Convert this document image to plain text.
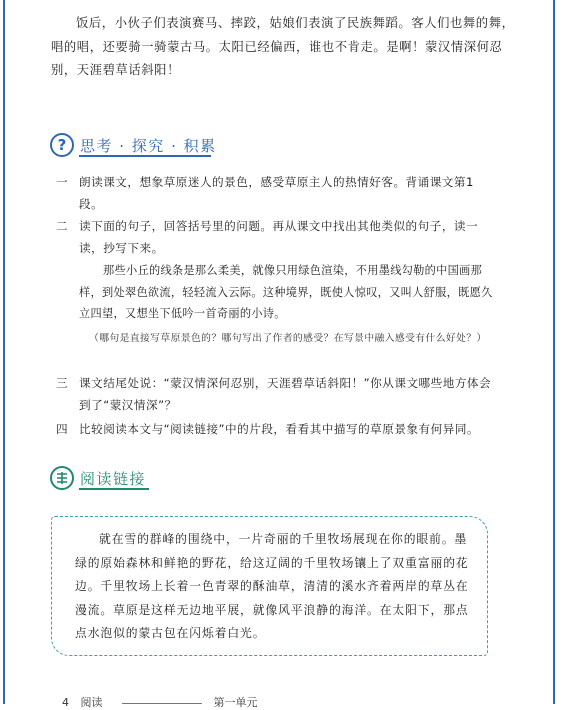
饭后，小伙子们表演赛马、摔跤，姑娘们表演了民族舞蹈。客人们也舞的舞，唱的唱，还要骑一骑蒙古马。太阳已经偏西，谁也不肯走。是啊！蒙汉情深何忍别，天涯碧草话斜阳！

? 思考 · 探究 · 积累
一 朗读课文，想象草原迷人的景色，感受草原主人的热情好客。背诵课文第1段。
二 读下面的句子，回答括号里的问题。再从课文中找出其他类似的句子，读一读，抄写下来。
那些小丘的线条是那么柔美，就像只用绿色渲染，不用墨线勾勒的中国画那样，到处翠色欲流，轻轻流入云际。这种境界，既使人惊叹，又叫人舒服，既愿久立四望，又想坐下低吟一首奇丽的小诗。
（哪句是直接写草原景色的？哪句写出了作者的感受？在写景中融入感受有什么好处？）
三 课文结尾处说：“蒙汉情深何忍别，天涯碧草话斜阳！”你从课文哪些地方体会到了“蒙汉情深”？
四 比较阅读本文与“阅读链接”中的片段，看看其中描写的草原景象有何异同。
阅读链接

就在雪的群峰的围绕中，一片奇丽的千里牧场展现在你的眼前。墨绿的原始森林和鲜艳的野花，给这辽阔的千里牧场镶上了双重富丽的花边。千里牧场上长着一色青翠的酥油草，清清的溪水齐着两岸的草丛在漫流。草原是这样无边地平展，就像风平浪静的海洋。在太阳下，那点点水泡似的蒙古包在闪烁着白光。

4 阅读	第一单元
